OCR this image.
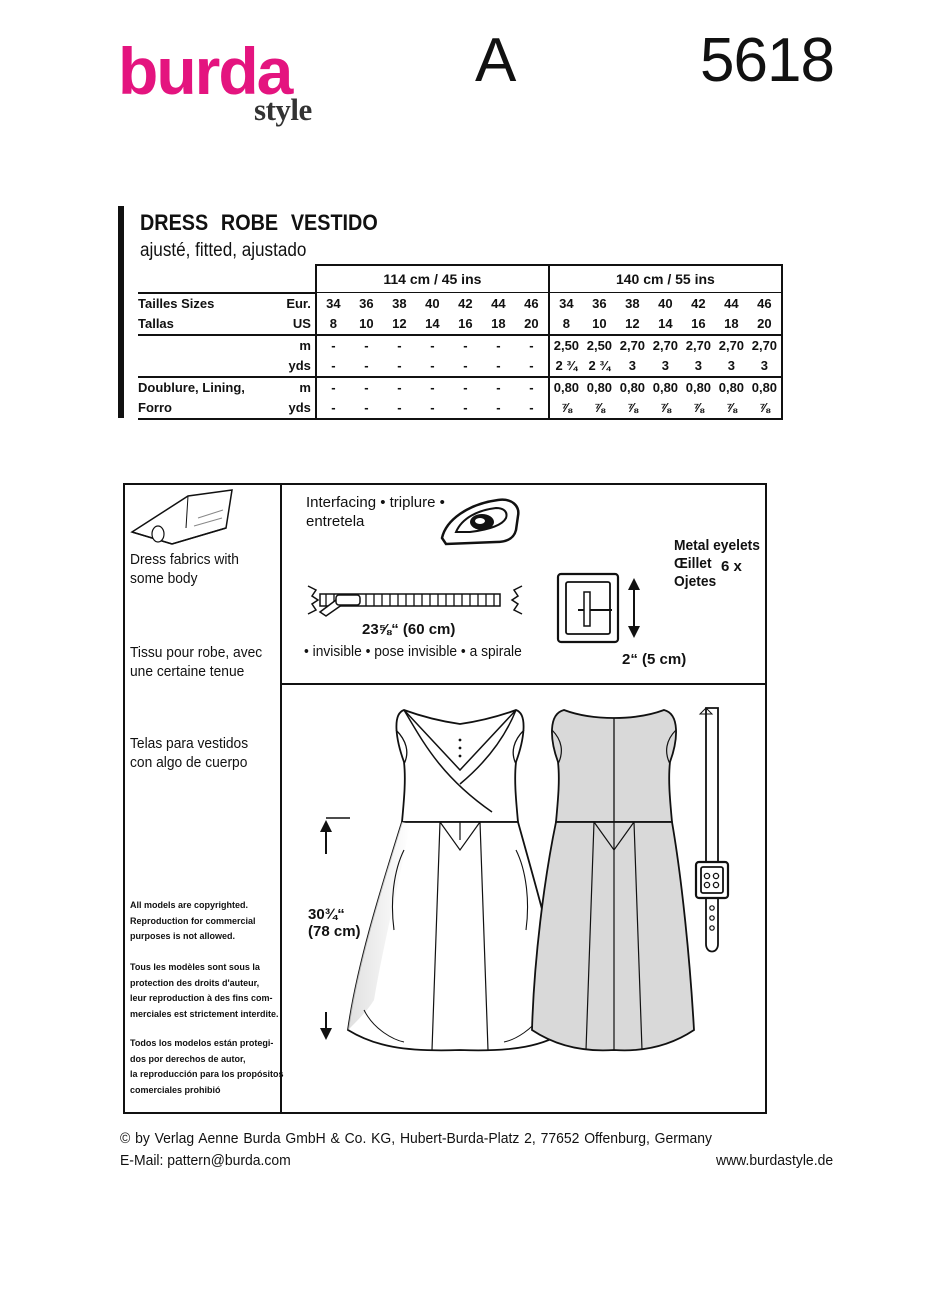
burda
style
A	5618
DRESS ROBE VESTIDO
ajusté, fitted, ajustado
		114 cm / 45 ins							140 cm / 55 ins						
Tailles Sizes	Eur.	34	36	38	40	42	44	46	34	36	38	40	42	44	46
Tallas	US	8	10	12	14	16	18	20	8	10	12	14	16	18	20
	m	-	-	-	-	-	-	-	2,50	2,50	2,70	2,70	2,70	2,70	2,70
	yds	-	-	-	-	-	-	-	2 ¾	2 ¾	3	3	3	3	3
Doublure, Lining,	m	-	-	-	-	-	-	-	0,80	0,80	0,80	0,80	0,80	0,80	0,80
Forro	yds	-	-	-	-	-	-	-	⅞	⅞	⅞	⅞	⅞	⅞	⅞
Dress fabrics with
some body
Tissu pour robe, avec
une certaine tenue
Telas para vestidos
con algo de cuerpo
All models are copyrighted.
Reproduction for commercial
purposes is not allowed.
Tous les modèles sont sous la
protection des droits d'auteur,
leur reproduction à des fins com-
merciales est strictement interdite.
Todos los modelos están protegi-
dos por derechos de autor,
la reproducción para los propósitos
comerciales prohibió
Interfacing • triplure •
entretela
23⅝“ (60 cm)
• invisible • pose invisible • a spirale	2“ (5 cm)
Metal eyelets
Œillet
Ojetes
6 x
30¾“
(78 cm)
© by Verlag Aenne Burda GmbH & Co. KG, Hubert-Burda-Platz 2, 77652 Offenburg, Germany
E-Mail: pattern@burda.com	www.burdastyle.de
